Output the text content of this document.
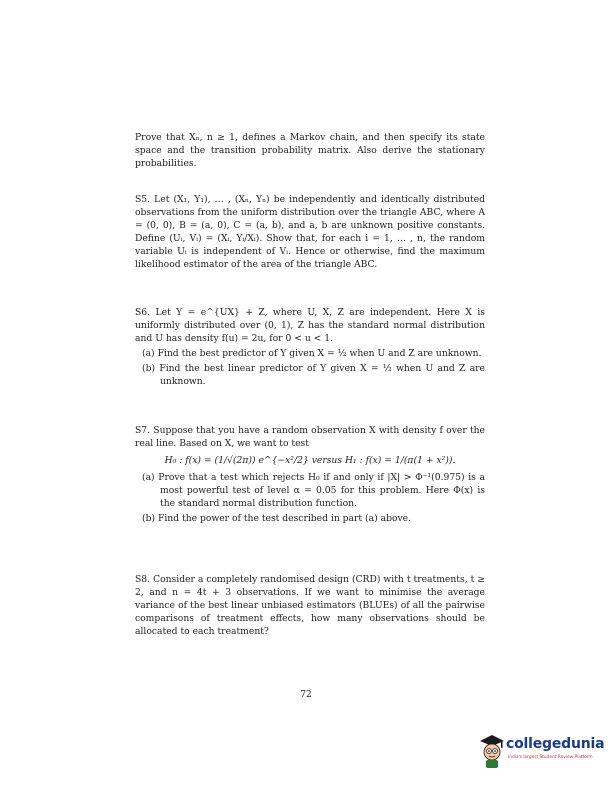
Prove that Xₙ, n ≥ 1, defines a Markov chain, and then specify its state space and the transition probability matrix. Also derive the stationary probabilities.
S5. Let (X₁, Y₁), … , (Xₙ, Yₙ) be independently and identically distributed observations from the uniform distribution over the triangle ABC, where A = (0, 0), B = (a, 0), C = (a, b), and a, b are unknown positive constants. Define (Uᵢ, Vᵢ) = (Xᵢ, Yᵢ/Xᵢ). Show that, for each i = 1, … , n, the random variable Uᵢ is independent of Vᵢ. Hence or otherwise, find the maximum likelihood estimator of the area of the triangle ABC.
S6. Let Y = e^{UX} + Z, where U, X, Z are independent. Here X is uniformly distributed over (0, 1), Z has the standard normal distribution and U has density f(u) = 2u, for 0 < u < 1.
(a) Find the best predictor of Y given X = ½ when U and Z are unknown.
(b) Find the best linear predictor of Y given X = ½ when U and Z are unknown.
S7. Suppose that you have a random observation X with density f over the real line. Based on X, we want to test
H₀ : f(x) = (1/√(2π)) e^{−x²/2} versus H₁ : f(x) = 1/(π(1 + x²)).
(a) Prove that a test which rejects H₀ if and only if |X| > Φ⁻¹(0.975) is a most powerful test of level α = 0.05 for this problem. Here Φ(x) is the standard normal distribution function.
(b) Find the power of the test described in part (a) above.
S8. Consider a completely randomised design (CRD) with t treatments, t ≥ 2, and n = 4t + 3 observations. If we want to minimise the average variance of the best linear unbiased estimators (BLUEs) of all the pairwise comparisons of treatment effects, how many observations should be allocated to each treatment?
72
collegedunia
India's largest Student Review Platform
